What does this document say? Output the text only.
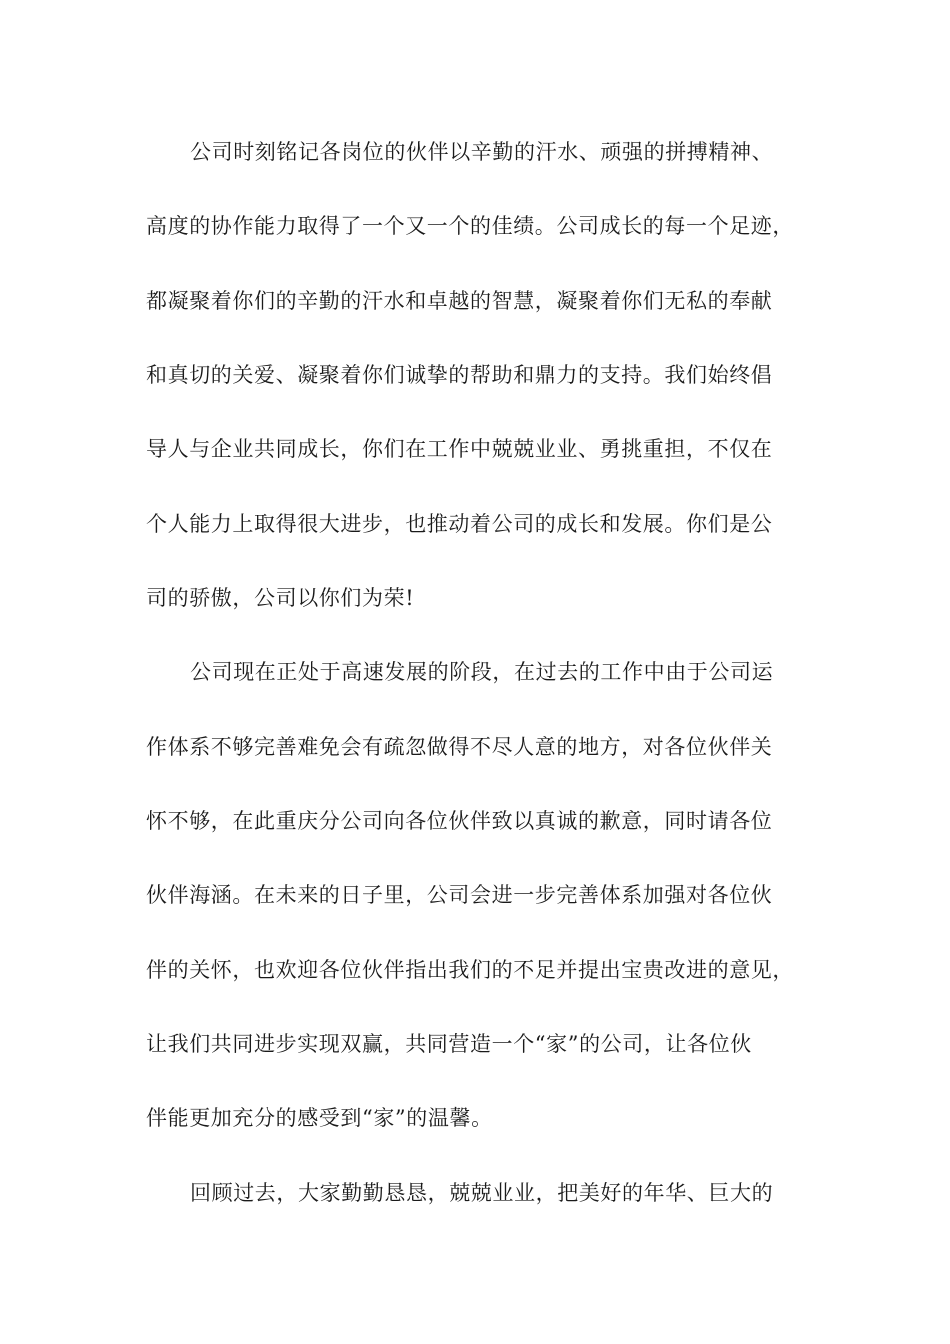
公司时刻铭记各岗位的伙伴以辛勤的汗水、顽强的拼搏精神、
高度的协作能力取得了一个又一个的佳绩。公司成长的每一个足迹，
都凝聚着你们的辛勤的汗水和卓越的智慧，凝聚着你们无私的奉献
和真切的关爱、凝聚着你们诚挚的帮助和鼎力的支持。我们始终倡
导人与企业共同成长，你们在工作中兢兢业业、勇挑重担，不仅在
个人能力上取得很大进步，也推动着公司的成长和发展。你们是公
司的骄傲，公司以你们为荣!
公司现在正处于高速发展的阶段，在过去的工作中由于公司运
作体系不够完善难免会有疏忽做得不尽人意的地方，对各位伙伴关
怀不够，在此重庆分公司向各位伙伴致以真诚的歉意，同时请各位
伙伴海涵。在未来的日子里，公司会进一步完善体系加强对各位伙
伴的关怀，也欢迎各位伙伴指出我们的不足并提出宝贵改进的意见，
让我们共同进步实现双赢，共同营造一个“家”的公司，让各位伙
伴能更加充分的感受到“家”的温馨。
回顾过去，大家勤勤恳恳，兢兢业业，把美好的年华、巨大的
